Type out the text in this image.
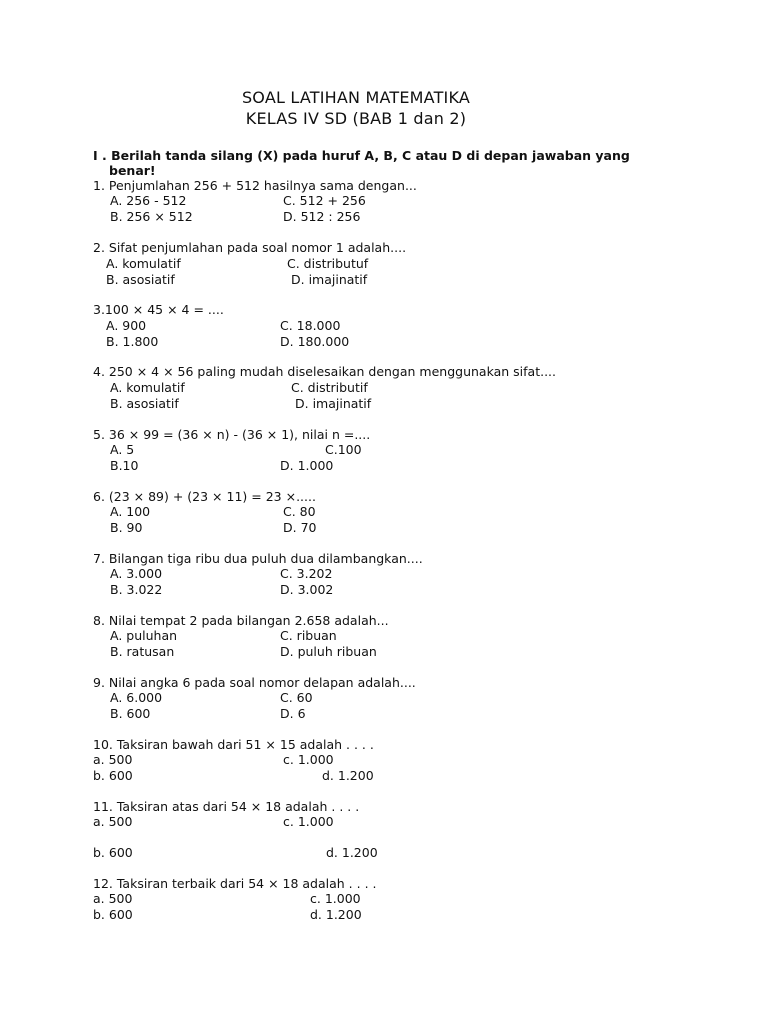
SOAL LATIHAN MATEMATIKA
KELAS IV SD (BAB 1 dan 2)
I . Berilah tanda silang (X) pada huruf A, B, C atau D di depan jawaban yang
benar!
1. Penjumlahan 256 + 512 hasilnya sama dengan...
A. 256 - 512	C. 512 + 256
B. 256 × 512	D. 512 : 256
2. Sifat penjumlahan pada soal nomor 1 adalah....
A. komulatif	C. distributuf
B. asosiatif	D. imajinatif
3.100 × 45 × 4 = ....
A. 900	C. 18.000
B. 1.800	D. 180.000
4. 250 × 4 × 56 paling mudah diselesaikan dengan menggunakan sifat....
A. komulatif	C. distributif
B. asosiatif	D. imajinatif
5. 36 × 99 = (36 × n) - (36 × 1), nilai n =....
A. 5	C.100
B.10	D. 1.000
6. (23 × 89) + (23 × 11) = 23 ×.....
A. 100	C. 80
B. 90	D. 70
7. Bilangan tiga ribu dua puluh dua dilambangkan....
A. 3.000	C. 3.202
B. 3.022	D. 3.002
8. Nilai tempat 2 pada bilangan 2.658 adalah...
A. puluhan	C. ribuan
B. ratusan	D. puluh ribuan
9. Nilai angka 6 pada soal nomor delapan adalah....
A. 6.000	C. 60
B. 600	D. 6
10. Taksiran bawah dari 51 × 15 adalah . . . .
a. 500	c. 1.000
b. 600	d. 1.200
11. Taksiran atas dari 54 × 18 adalah . . . .
a. 500	c. 1.000
b. 600	d. 1.200
12. Taksiran terbaik dari 54 × 18 adalah . . . .
a. 500	c. 1.000
b. 600	d. 1.200
